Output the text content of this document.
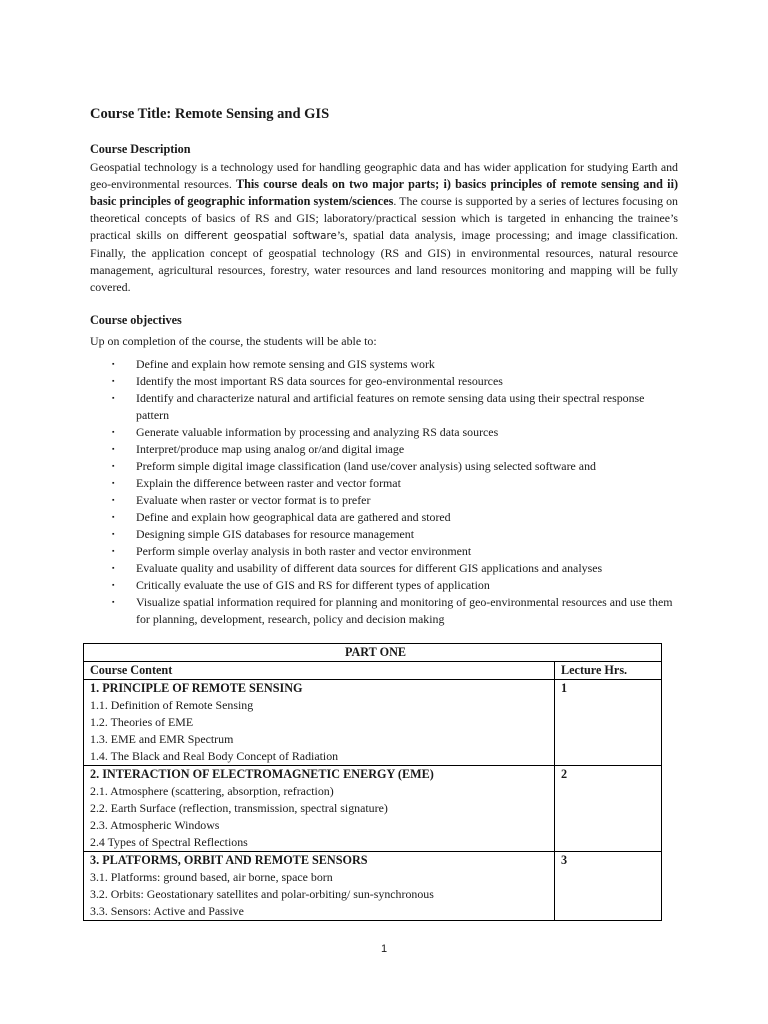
Course Title: Remote Sensing and GIS

Course Description

Geospatial technology is a technology used for handling geographic data and has wider application for studying Earth and geo-environmental resources. This course deals on two major parts; i) basics principles of remote sensing and ii) basic principles of geographic information system/sciences. The course is supported by a series of lectures focusing on theoretical concepts of basics of RS and GIS; laboratory/practical session which is targeted in enhancing the trainee’s practical skills on different geospatial software’s, spatial data analysis, image processing; and image classification. Finally, the application concept of geospatial technology (RS and GIS) in environmental resources, natural resource management, agricultural resources, forestry, water resources and land resources monitoring and mapping will be fully covered.

Course objectives

Up on completion of the course, the students will be able to:

▪ Define and explain how remote sensing and GIS systems work
▪ Identify the most important RS data sources for geo-environmental resources
▪ Identify and characterize natural and artificial features on remote sensing data using their spectral response pattern
▪ Generate valuable information by processing and analyzing RS data sources
▪ Interpret/produce map using analog or/and digital image
▪ Preform simple digital image classification (land use/cover analysis) using selected software and
▪ Explain the difference between raster and vector format
▪ Evaluate when raster or vector format is to prefer
▪ Define and explain how geographical data are gathered and stored
▪ Designing simple GIS databases for resource management
▪ Perform simple overlay analysis in both raster and vector environment
▪ Evaluate quality and usability of different data sources for different GIS applications and analyses
▪ Critically evaluate the use of GIS and RS for different types of application
▪ Visualize spatial information required for planning and monitoring of geo-environmental resources and use them for planning, development, research, policy and decision making
PART ONE	
Course Content	Lecture Hrs.

1. PRINCIPLE OF REMOTE SENSING
1.1. Definition of Remote Sensing
1.2. Theories of EME
1.3. EME and EMR Spectrum
1.4. The Black and Real Body Concept of Radiation	1

2. INTERACTION OF ELECTROMAGNETIC ENERGY (EME)
2.1. Atmosphere (scattering, absorption, refraction)
2.2. Earth Surface (reflection, transmission, spectral signature)
2.3. Atmospheric Windows
2.4 Types of Spectral Reflections	2

3. PLATFORMS, ORBIT AND REMOTE SENSORS
3.1. Platforms: ground based, air borne, space born
3.2. Orbits: Geostationary satellites and polar-orbiting/ sun-synchronous
3.3. Sensors: Active and Passive	3
1
